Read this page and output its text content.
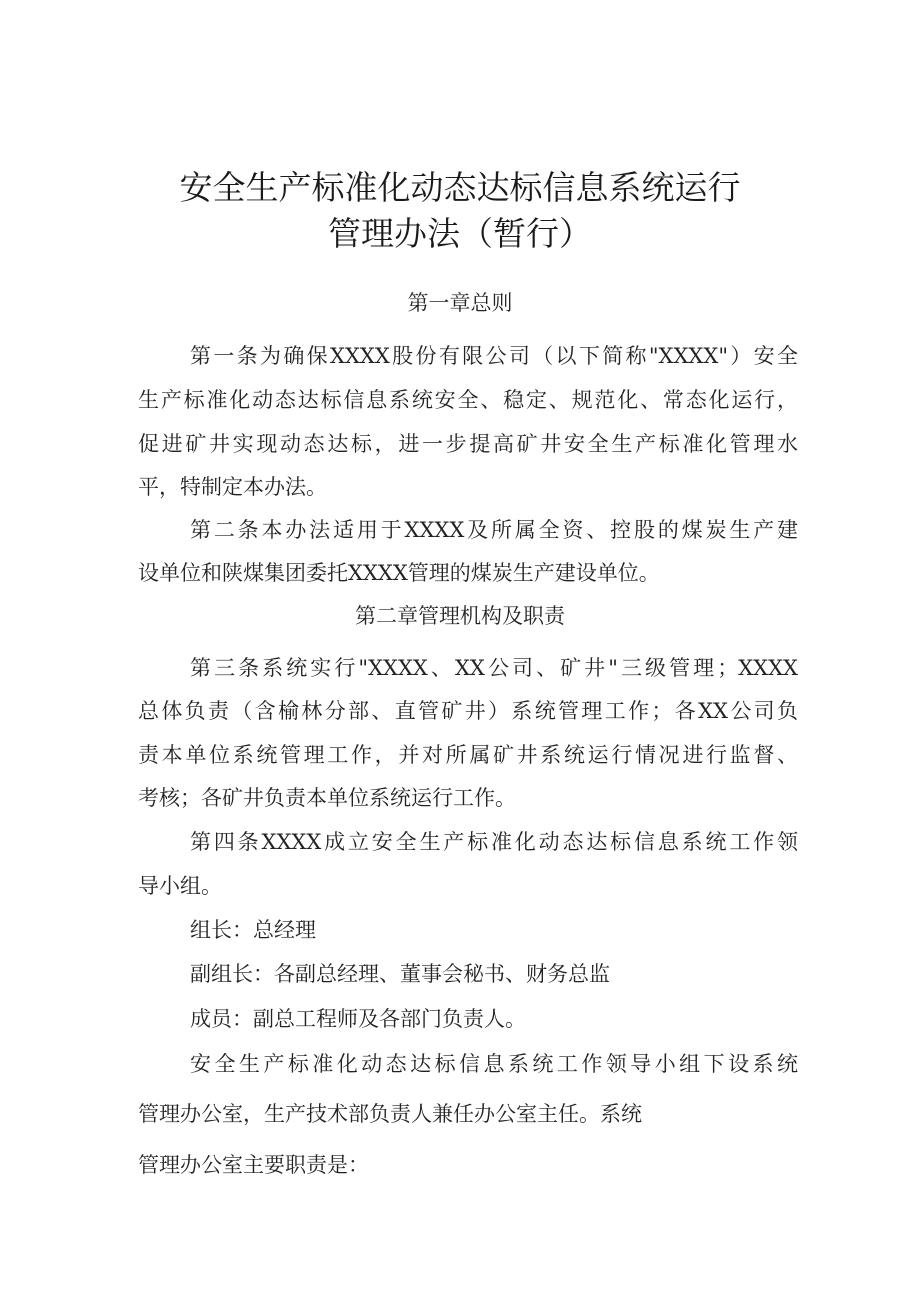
安全生产标准化动态达标信息系统运行
管理办法（暂行）
第一章总则
第一条为确保XXXX股份有限公司（以下简称"XXXX"）安全
生产标准化动态达标信息系统安全、稳定、规范化、常态化运行，
促进矿井实现动态达标，进一步提高矿井安全生产标准化管理水
平，特制定本办法。
第二条本办法适用于XXXX及所属全资、控股的煤炭生产建
设单位和陕煤集团委托XXXX管理的煤炭生产建设单位。
第二章管理机构及职责
第三条系统实行"XXXX、XX公司、矿井"三级管理；XXXX
总体负责（含榆林分部、直管矿井）系统管理工作；各XX公司负
责本单位系统管理工作，并对所属矿井系统运行情况进行监督、
考核；各矿井负责本单位系统运行工作。
第四条XXXX成立安全生产标准化动态达标信息系统工作领
导小组。
组长：总经理
副组长：各副总经理、董事会秘书、财务总监
成员：副总工程师及各部门负责人。
安全生产标准化动态达标信息系统工作领导小组下设系统
管理办公室，生产技术部负责人兼任办公室主任。系统
管理办公室主要职责是：
